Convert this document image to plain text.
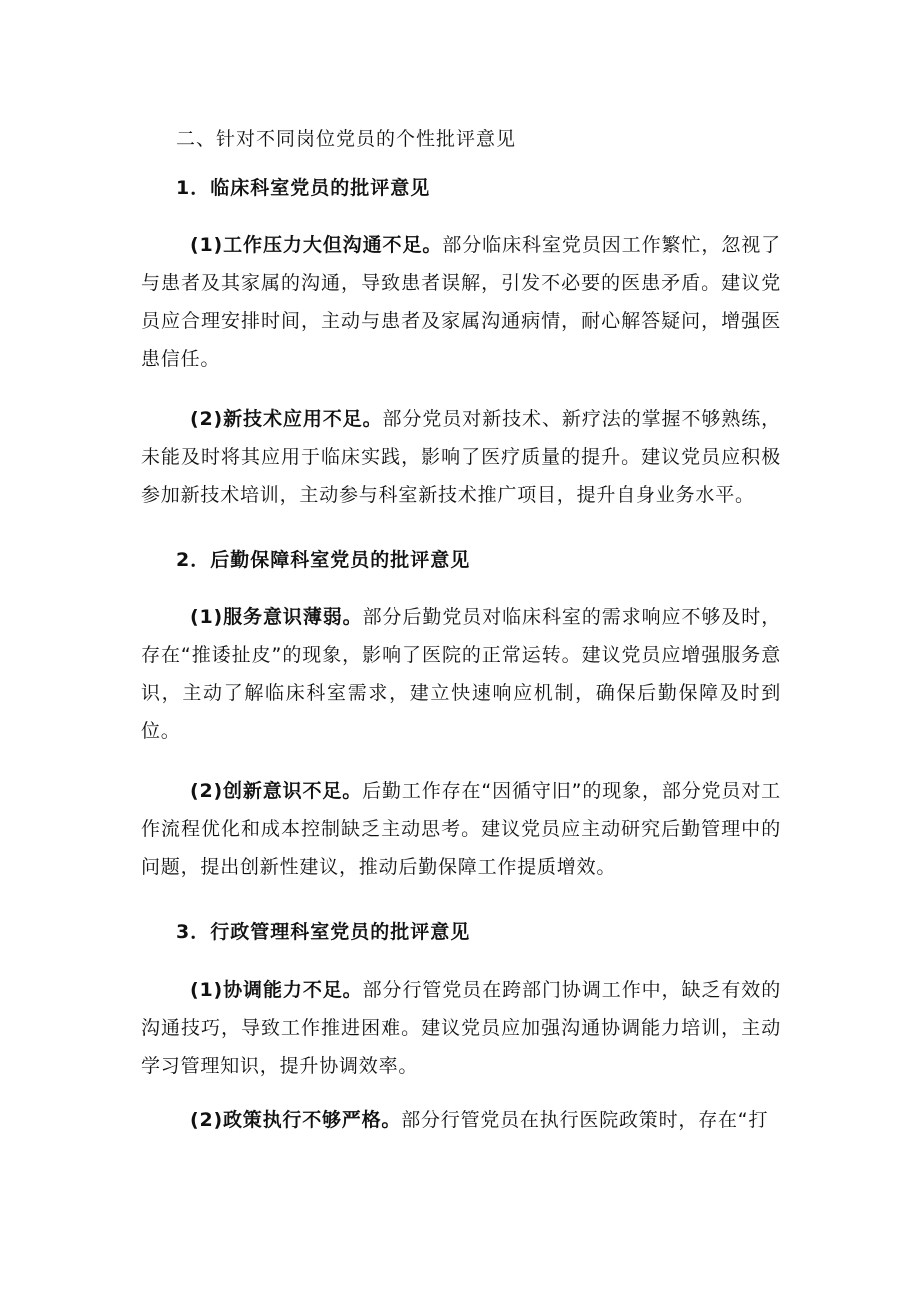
二、针对不同岗位党员的个性批评意见
1．临床科室党员的批评意见
(1)工作压力大但沟通不足。部分临床科室党员因工作繁忙，忽视了与患者及其家属的沟通，导致患者误解，引发不必要的医患矛盾。建议党员应合理安排时间，主动与患者及家属沟通病情，耐心解答疑问，增强医患信任。
(2)新技术应用不足。部分党员对新技术、新疗法的掌握不够熟练，未能及时将其应用于临床实践，影响了医疗质量的提升。建议党员应积极参加新技术培训，主动参与科室新技术推广项目，提升自身业务水平。
2．后勤保障科室党员的批评意见
(1)服务意识薄弱。部分后勤党员对临床科室的需求响应不够及时，存在“推诿扯皮”的现象，影响了医院的正常运转。建议党员应增强服务意识，主动了解临床科室需求，建立快速响应机制，确保后勤保障及时到位。
(2)创新意识不足。后勤工作存在“因循守旧”的现象，部分党员对工作流程优化和成本控制缺乏主动思考。建议党员应主动研究后勤管理中的问题，提出创新性建议，推动后勤保障工作提质增效。
3．行政管理科室党员的批评意见
(1)协调能力不足。部分行管党员在跨部门协调工作中，缺乏有效的沟通技巧，导致工作推进困难。建议党员应加强沟通协调能力培训，主动学习管理知识，提升协调效率。
(2)政策执行不够严格。部分行管党员在执行医院政策时，存在“打
